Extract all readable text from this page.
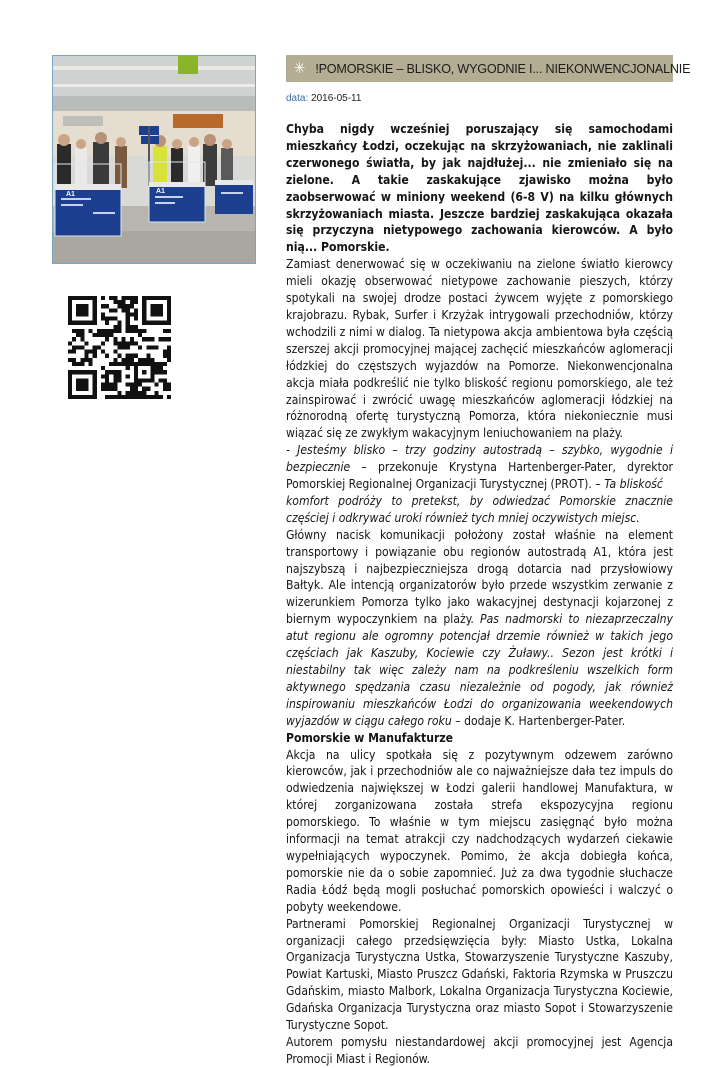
A1	A1
✳ !POMORSKIE – BLISKO, WYGODNIE I... NIEKONWENCJONALNIE
data: 2016-05-11

Chyba nigdy wcześniej poruszający się samochodami mieszkańcy Łodzi, oczekując na skrzyżowaniach, nie zaklinali czerwonego światła, by jak najdłużej... nie zmieniało się na zielone. A takie zaskakujące zjawisko można było zaobserwować w miniony weekend (6-8 V) na kilku głównych skrzyżowaniach miasta. Jeszcze bardziej zaskakująca okazała się przyczyna nietypowego zachowania kierowców. A było nią... Pomorskie.

Zamiast denerwować się w oczekiwaniu na zielone światło kierowcy mieli okazję obserwować nietypowe zachowanie pieszych, którzy spotykali na swojej drodze postaci żywcem wyjęte z pomorskiego krajobrazu. Rybak, Surfer i Krzyżak intrygowali przechodniów, którzy wchodzili z nimi w dialog. Ta nietypowa akcja ambientowa była częścią szerszej akcji promocyjnej mającej zachęcić mieszkańców aglomeracji łódzkiej do częstszych wyjazdów na Pomorze. Niekonwencjonalna akcja miała podkreślić nie tylko bliskość regionu pomorskiego, ale też zainspirować i zwrócić uwagę mieszkańców aglomeracji łódzkiej na różnorodną ofertę turystyczną Pomorza, która niekoniecznie musi wiązać się ze zwykłym wakacyjnym leniuchowaniem na plaży.

- Jesteśmy blisko – trzy godziny autostradą – szybko, wygodnie i bezpiecznie – przekonuje Krystyna Hartenberger-Pater, dyrektor Pomorskiej Regionalnej Organizacji Turystycznej (PROT). – Ta bliskość

komfort podróży to pretekst, by odwiedzać Pomorskie znacznie częściej i odkrywać uroki również tych mniej oczywistych miejsc.

Główny nacisk komunikacji położony został właśnie na element transportowy i powiązanie obu regionów autostradą A1, która jest najszybszą i najbezpieczniejsza drogą dotarcia nad przysłowiowy Bałtyk. Ale intencją organizatorów było przede wszystkim zerwanie z wizerunkiem Pomorza tylko jako wakacyjnej destynacji kojarzonej z biernym wypoczynkiem na plaży. Pas nadmorski to niezaprzeczalny atut regionu ale ogromny potencjał drzemie również w takich jego częściach jak Kaszuby, Kociewie czy Żuławy.. Sezon jest krótki i niestabilny tak więc zależy nam na podkreśleniu wszelkich form aktywnego spędzania czasu niezależnie od pogody, jak również inspirowaniu mieszkańców Łodzi do organizowania weekendowych wyjazdów w ciągu całego roku – dodaje K. Hartenberger-Pater.

Pomorskie w Manufakturze

Akcja na ulicy spotkała się z pozytywnym odzewem zarówno kierowców, jak i przechodniów ale co najważniejsze dała tez impuls do odwiedzenia największej w Łodzi galerii handlowej Manufaktura, w której zorganizowana została strefa ekspozycyjna regionu pomorskiego. To właśnie w tym miejscu zasięgnąć było można informacji na temat atrakcji czy nadchodzących wydarzeń ciekawie wypełniających wypoczynek. Pomimo, że akcja dobiegła końca, pomorskie nie da o sobie zapomnieć. Już za dwa tygodnie słuchacze Radia Łódź będą mogli posłuchać pomorskich opowieści i walczyć o pobyty weekendowe.

Partnerami Pomorskiej Regionalnej Organizacji Turystycznej w organizacji całego przedsięwzięcia były: Miasto Ustka, Lokalna Organizacja Turystyczna Ustka, Stowarzyszenie Turystyczne Kaszuby, Powiat Kartuski, Miasto Pruszcz Gdański, Faktoria Rzymska w Pruszczu Gdańskim, miasto Malbork, Lokalna Organizacja Turystyczna Kociewie, Gdańska Organizacja Turystyczna oraz miasto Sopot i Stowarzyszenie Turystyczne Sopot.

Autorem pomysłu niestandardowej akcji promocyjnej jest Agencja Promocji Miast i Regionów.
